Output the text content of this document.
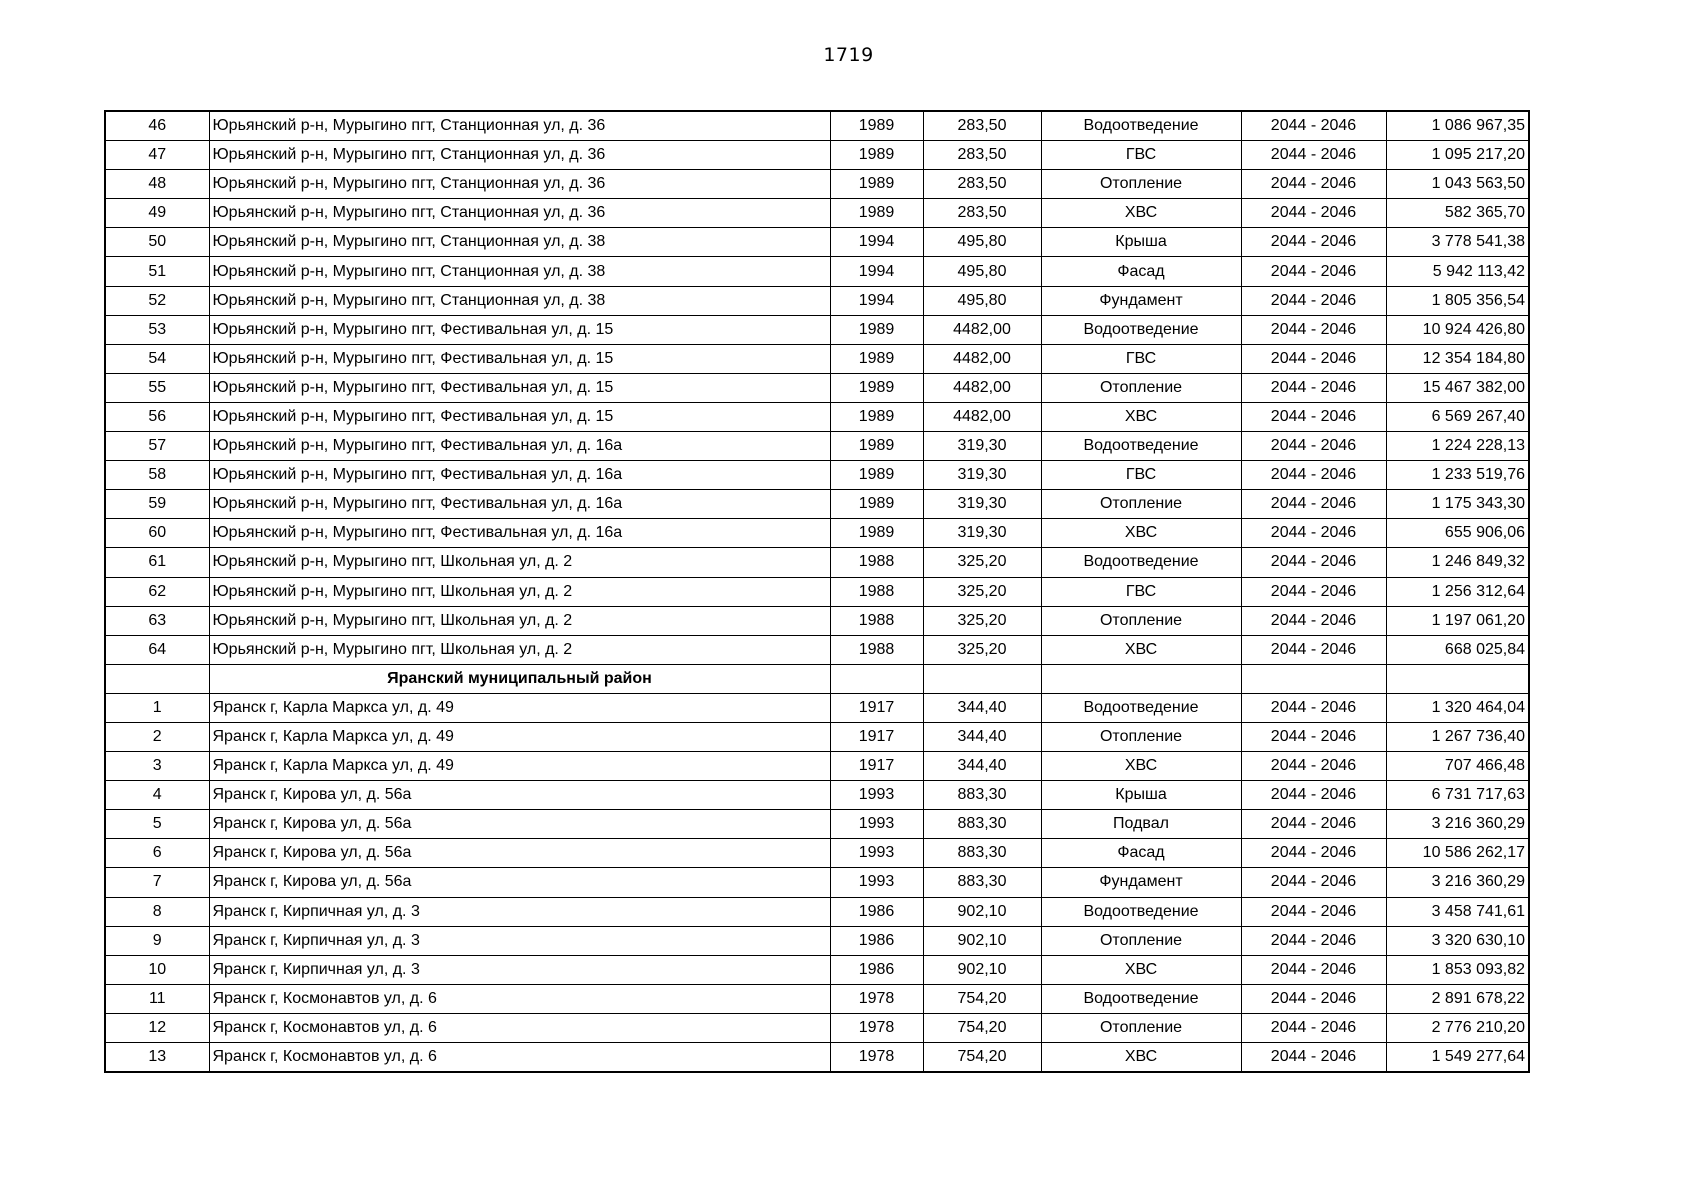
1719
46	Юрьянский р-н, Мурыгино пгт, Станционная ул, д. 36	1989	283,50	Водоотведение	2044 - 2046	1 086 967,35
47	Юрьянский р-н, Мурыгино пгт, Станционная ул, д. 36	1989	283,50	ГВС	2044 - 2046	1 095 217,20
48	Юрьянский р-н, Мурыгино пгт, Станционная ул, д. 36	1989	283,50	Отопление	2044 - 2046	1 043 563,50
49	Юрьянский р-н, Мурыгино пгт, Станционная ул, д. 36	1989	283,50	ХВС	2044 - 2046	582 365,70
50	Юрьянский р-н, Мурыгино пгт, Станционная ул, д. 38	1994	495,80	Крыша	2044 - 2046	3 778 541,38
51	Юрьянский р-н, Мурыгино пгт, Станционная ул, д. 38	1994	495,80	Фасад	2044 - 2046	5 942 113,42
52	Юрьянский р-н, Мурыгино пгт, Станционная ул, д. 38	1994	495,80	Фундамент	2044 - 2046	1 805 356,54
53	Юрьянский р-н, Мурыгино пгт, Фестивальная ул, д. 15	1989	4482,00	Водоотведение	2044 - 2046	10 924 426,80
54	Юрьянский р-н, Мурыгино пгт, Фестивальная ул, д. 15	1989	4482,00	ГВС	2044 - 2046	12 354 184,80
55	Юрьянский р-н, Мурыгино пгт, Фестивальная ул, д. 15	1989	4482,00	Отопление	2044 - 2046	15 467 382,00
56	Юрьянский р-н, Мурыгино пгт, Фестивальная ул, д. 15	1989	4482,00	ХВС	2044 - 2046	6 569 267,40
57	Юрьянский р-н, Мурыгино пгт, Фестивальная ул, д. 16а	1989	319,30	Водоотведение	2044 - 2046	1 224 228,13
58	Юрьянский р-н, Мурыгино пгт, Фестивальная ул, д. 16а	1989	319,30	ГВС	2044 - 2046	1 233 519,76
59	Юрьянский р-н, Мурыгино пгт, Фестивальная ул, д. 16а	1989	319,30	Отопление	2044 - 2046	1 175 343,30
60	Юрьянский р-н, Мурыгино пгт, Фестивальная ул, д. 16а	1989	319,30	ХВС	2044 - 2046	655 906,06
61	Юрьянский р-н, Мурыгино пгт, Школьная ул, д. 2	1988	325,20	Водоотведение	2044 - 2046	1 246 849,32
62	Юрьянский р-н, Мурыгино пгт, Школьная ул, д. 2	1988	325,20	ГВС	2044 - 2046	1 256 312,64
63	Юрьянский р-н, Мурыгино пгт, Школьная ул, д. 2	1988	325,20	Отопление	2044 - 2046	1 197 061,20
64	Юрьянский р-н, Мурыгино пгт, Школьная ул, д. 2	1988	325,20	ХВС	2044 - 2046	668 025,84
	Яранский муниципальный район					
1	Яранск г, Карла Маркса ул, д. 49	1917	344,40	Водоотведение	2044 - 2046	1 320 464,04
2	Яранск г, Карла Маркса ул, д. 49	1917	344,40	Отопление	2044 - 2046	1 267 736,40
3	Яранск г, Карла Маркса ул, д. 49	1917	344,40	ХВС	2044 - 2046	707 466,48
4	Яранск г, Кирова ул, д. 56а	1993	883,30	Крыша	2044 - 2046	6 731 717,63
5	Яранск г, Кирова ул, д. 56а	1993	883,30	Подвал	2044 - 2046	3 216 360,29
6	Яранск г, Кирова ул, д. 56а	1993	883,30	Фасад	2044 - 2046	10 586 262,17
7	Яранск г, Кирова ул, д. 56а	1993	883,30	Фундамент	2044 - 2046	3 216 360,29
8	Яранск г, Кирпичная ул, д. 3	1986	902,10	Водоотведение	2044 - 2046	3 458 741,61
9	Яранск г, Кирпичная ул, д. 3	1986	902,10	Отопление	2044 - 2046	3 320 630,10
10	Яранск г, Кирпичная ул, д. 3	1986	902,10	ХВС	2044 - 2046	1 853 093,82
11	Яранск г, Космонавтов ул, д. 6	1978	754,20	Водоотведение	2044 - 2046	2 891 678,22
12	Яранск г, Космонавтов ул, д. 6	1978	754,20	Отопление	2044 - 2046	2 776 210,20
13	Яранск г, Космонавтов ул, д. 6	1978	754,20	ХВС	2044 - 2046	1 549 277,64
